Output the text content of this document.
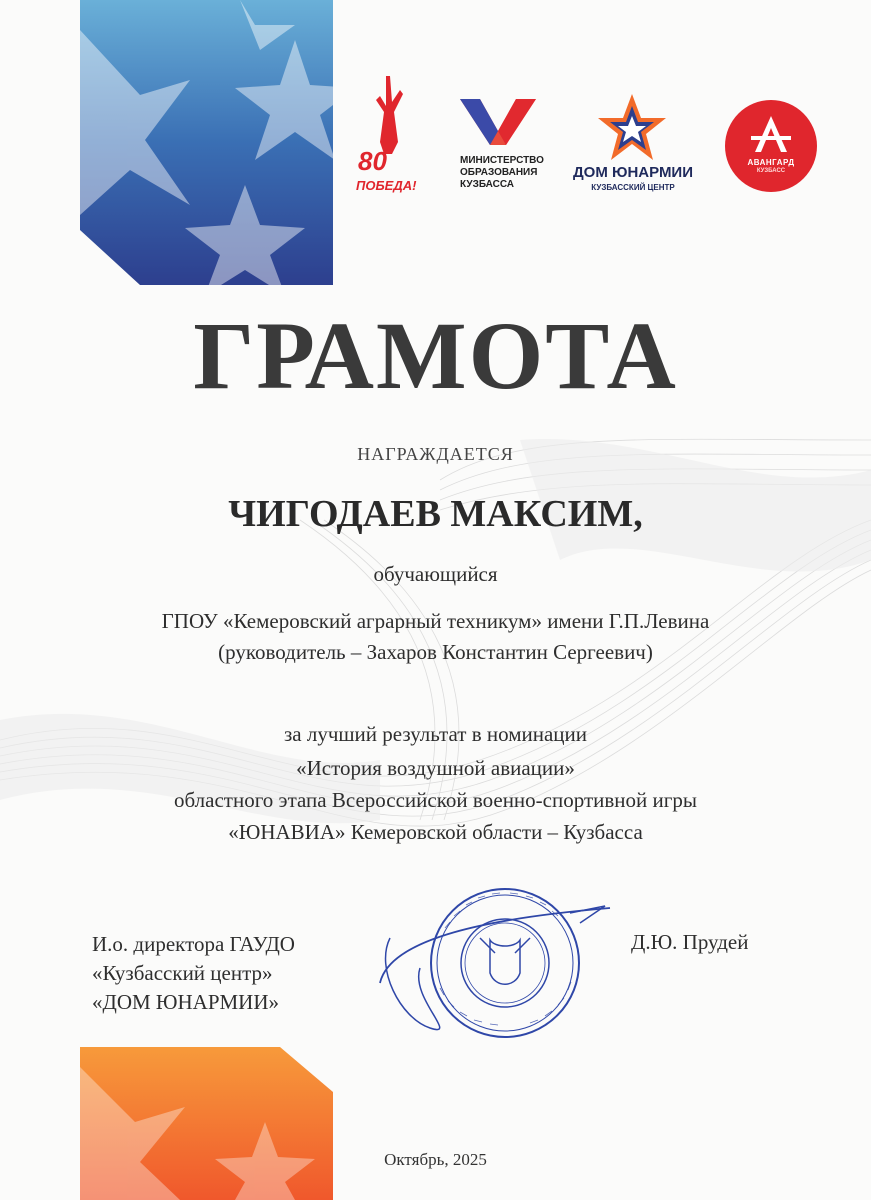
80
ПОБЕДА!
МИНИСТЕРСТВО
ОБРАЗОВАНИЯ
КУЗБАССА
ДОМ ЮНАРМИИ
КУЗБАССКИЙ ЦЕНТР
АВАНГАРД
КУЗБАСС
ГРАМОТА
НАГРАЖДАЕТСЯ
ЧИГОДАЕВ МАКСИМ,
обучающийся
ГПОУ «Кемеровский аграрный техникум» имени Г.П.Левина
(руководитель – Захаров Константин Сергеевич)
за лучший результат в номинации
«История воздушной авиации»
областного этапа Всероссийской военно-спортивной игры
«ЮНАВИА» Кемеровской области – Кузбасса
И.о. директора ГАУДО
«Кузбасский центр»
«ДОМ ЮНАРМИИ»
Д.Ю. Прудей
Октябрь, 2025
